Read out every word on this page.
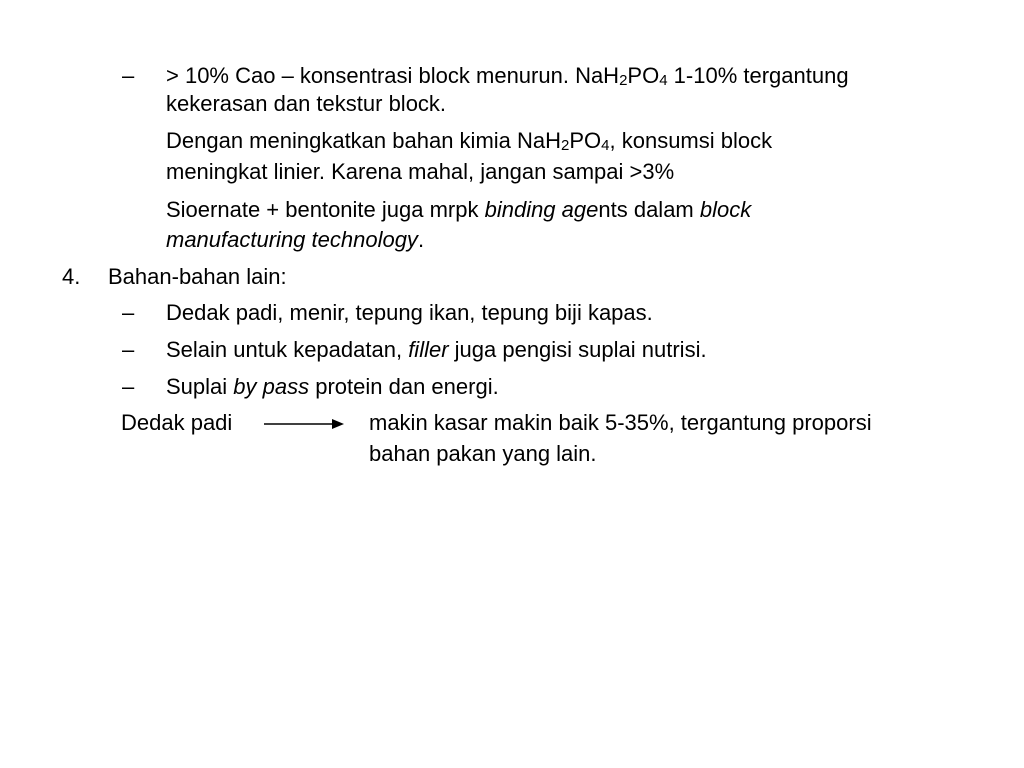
– > 10% Cao – konsentrasi block menurun. NaH2PO4 1-10% tergantung
kekerasan dan tekstur block.
Dengan meningkatkan bahan kimia NaH2PO4, konsumsi block
meningkat linier. Karena mahal, jangan sampai >3%
Sioernate + bentonite juga mrpk binding agents dalam block
manufacturing technology.
4. Bahan-bahan lain:
– Dedak padi, menir, tepung ikan, tepung biji kapas.
– Selain untuk kepadatan, filler juga pengisi suplai nutrisi.
– Suplai by pass protein dan energi.
Dedak padi	makin kasar makin baik 5-35%, tergantung proporsi
bahan pakan yang lain.
